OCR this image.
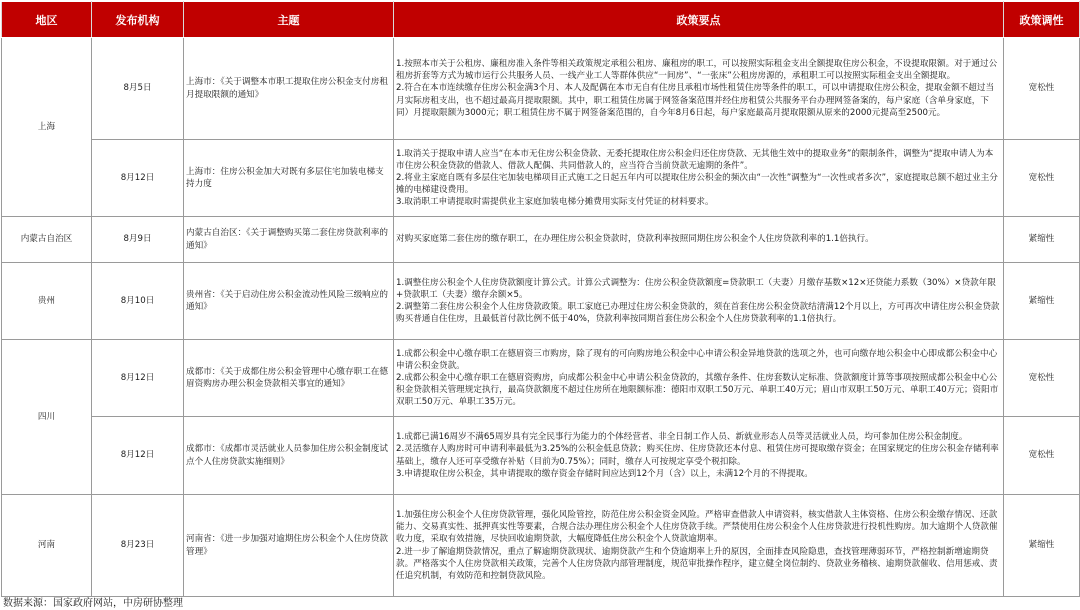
地区	发布机构	主题	政策要点	政策调性
上海	8月5日	上海市：《关于调整本市职工提取住房公积金支付房租月提取限额的通知》	1.按照本市关于公租房、廉租房准入条件等相关政策规定承租公租房、廉租房的职工，可以按照实际租金支出全额提取住房公积金，不设提取限额。对于通过公租房折套等方式为城市运行公共服务人员、一线产业工人等群体供应“一间房”、“一张床”公租房房源的，承租职工可以按照实际租金支出全额提取。
2.符合在本市连续缴存住房公积金满3个月、本人及配偶在本市无自有住房且承租市场性租赁住房等条件的职工，可以申请提取住房公积金，提取金额不超过当月实际房租支出，也不超过最高月提取限额。其中，职工租赁住房属于网签备案范围并经住房租赁公共服务平台办理网签备案的，每户家庭（含单身家庭，下同）月提取限额为3000元；职工租赁住房不属于网签备案范围的，自今年8月6日起，每户家庭最高月提取限额从原来的2000元提高至2500元。	宽松性
	8月12日	上海市：住房公积金加大对既有多层住宅加装电梯支持力度	1.取消关于提取申请人应当“在本市无住房公积金贷款、无委托提取住房公积金归还住房贷款、无其他生效中的提取业务”的限制条件，调整为“提取申请人为本市住房公积金贷款的借款人、借款人配偶、共同借款人的，应当符合当前贷款无逾期的条件”。
2.将业主家庭自既有多层住宅加装电梯项目正式施工之日起五年内可以提取住房公积金的频次由“一次性”调整为“一次性或者多次”，家庭提取总额不超过业主分摊的电梯建设费用。
3.取消职工申请提取时需提供业主家庭加装电梯分摊费用实际支付凭证的材料要求。	宽松性
内蒙古自治区	8月9日	内蒙古自治区：《关于调整购买第二套住房贷款利率的通知》	对购买家庭第二套住房的缴存职工，在办理住房公积金贷款时，贷款利率按照同期住房公积金个人住房贷款利率的1.1倍执行。	紧缩性
贵州	8月10日	贵州省：《关于启动住房公积金流动性风险三级响应的通知》	1.调整住房公积金个人住房贷款额度计算公式。计算公式调整为：住房公积金贷款额度=贷款职工（夫妻）月缴存基数×12×还贷能力系数（30%）×贷款年限+贷款职工（夫妻）缴存余额×5。
2.调整第二套住房公积金个人住房贷款政策。职工家庭已办理过住房公积金贷款的，须在首套住房公积金贷款结清满12个月以上，方可再次申请住房公积金贷款购买普通自住住房，且最低首付款比例不低于40%，贷款利率按同期首套住房公积金个人住房贷款利率的1.1倍执行。	紧缩性
四川	8月12日	成都市：《关于成都住房公积金管理中心缴存职工在德眉资购房办理公积金贷款相关事宜的通知》	1.成都公积金中心缴存职工在德眉资三市购房，除了现有的可向购房地公积金中心申请公积金异地贷款的选项之外，也可向缴存地公积金中心即成都公积金中心申请公积金贷款。
2.成都公积金中心缴存职工在德眉资购房，向成都公积金中心申请公积金贷款的，其缴存条件、住房套数认定标准、贷款额度计算等事项按照成都公积金中心公积金贷款相关管理规定执行，最高贷款额度不超过住房所在地限额标准：德阳市双职工50万元、单职工40万元；眉山市双职工50万元、单职工40万元；资阳市双职工50万元、单职工35万元。	宽松性
	8月12日	成都市：《成都市灵活就业人员参加住房公积金制度试点个人住房贷款实施细则》	1.成都已满16周岁不满65周岁具有完全民事行为能力的个体经营者、非全日制工作人员、新就业形态人员等灵活就业人员，均可参加住房公积金制度。
2.灵活缴存人购房时可申请利率最低为3.25%的公积金低息贷款；购买住房、住房贷款还本付息、租赁住房可提取缴存资金；在国家规定的住房公积金存储利率基础上，缴存人还可享受缴存补贴（目前为0.75%）；同时，缴存人可按规定享受个税扣除。
3.申请提取住房公积金，其申请提取的缴存资金存储时间应达到12个月（含）以上，未满12个月的不得提取。	宽松性
河南	8月23日	河南省：《进一步加强对逾期住房公积金个人住房贷款管理》	1.加强住房公积金个人住房贷款管理，强化风险管控，防范住房公积金资金风险。严格审查借款人申请资料，核实借款人主体资格、住房公积金缴存情况、还款能力、交易真实性、抵押真实性等要素，合规合法办理住房公积金个人住房贷款手续。严禁使用住房公积金个人住房贷款进行投机性购房。加大逾期个人贷款催收力度，采取有效措施，尽快回收逾期贷款，大幅度降低住房公积金个人贷款逾期率。
2.进一步了解逾期贷款情况，重点了解逾期贷款现状、逾期贷款产生和个贷逾期率上升的原因，全面排查风险隐患，查找管理薄弱环节，严格控制新增逾期贷款。严格落实个人住房贷款相关政策，完善个人住房贷款内部管理制度，规范审批操作程序，建立健全岗位制约、贷款业务稽核、逾期贷款催收、信用惩戒、责任追究机制，有效防范和控制贷款风险。	紧缩性
数据来源：国家政府网站，中房研协整理
